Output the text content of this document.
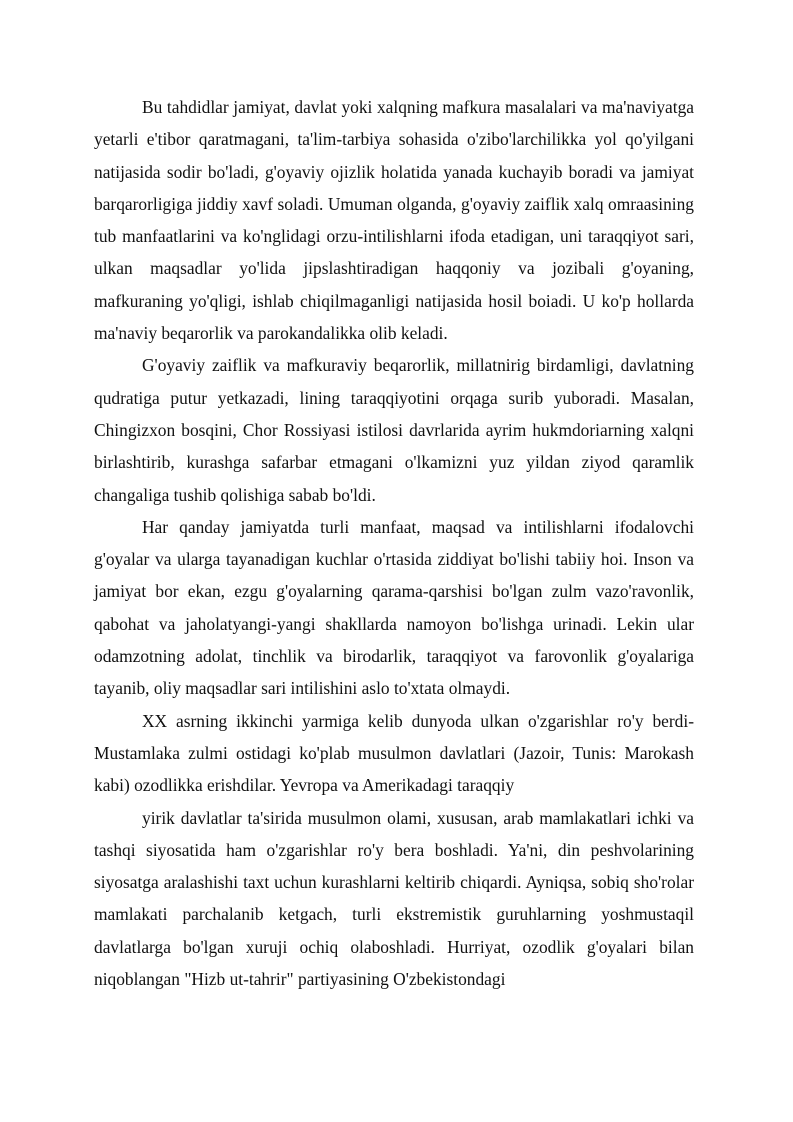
Bu tahdidlar jamiyat, davlat yoki xalqning mafkura masalalari va ma'naviyatga yetarli e'tibor qaratmagani, ta'lim-tarbiya sohasida o'zibo'larchilikka yol qo'yilgani natijasida sodir bo'ladi, g'oyaviy ojizlik holatida yanada kuchayib boradi va jamiyat barqarorligiga jiddiy xavf soladi. Umuman olganda, g'oyaviy zaiflik xalq omraasining tub manfaatlarini va ko'nglidagi orzu-intilishlarni ifoda etadigan, uni taraqqiyot sari, ulkan maqsadlar yo'lida jipslashtiradigan haqqoniy va jozibali g'oyaning, mafkuraning yo'qligi, ishlab chiqilmaganligi natijasida hosil boiadi. U ko'p hollarda ma'naviy beqarorlik va parokandalikka olib keladi.

G'oyaviy zaiflik va mafkuraviy beqarorlik, millatnirig birdamligi, davlatning qudratiga putur yetkazadi, lining taraqqiyotini orqaga surib yuboradi. Masalan, Chingizxon bosqini, Chor Rossiyasi istilosi davrlarida ayrim hukmdoriarning xalqni birlashtirib, kurashga safarbar etmagani o'lkamizni yuz yildan ziyod qaramlik changaliga tushib qolishiga sabab bo'ldi.

Har qanday jamiyatda turli manfaat, maqsad va intilishlarni ifodalovchi g'oyalar va ularga tayanadigan kuchlar o'rtasida ziddiyat bo'lishi tabiiy hoi. Inson va jamiyat bor ekan, ezgu g'oyalarning qarama-qarshisi bo'lgan zulm vazo'ravonlik, qabohat va jaholatyangi-yangi shakllarda namoyon bo'lishga urinadi. Lekin ular odamzotning adolat, tinchlik va birodarlik, taraqqiyot va farovonlik g'oyalariga tayanib, oliy maqsadlar sari intilishini aslo to'xtata olmaydi.

XX asrning ikkinchi yarmiga kelib dunyoda ulkan o'zgarishlar ro'y berdi- Mustamlaka zulmi ostidagi ko'plab musulmon davlatlari (Jazoir, Tunis: Marokash kabi) ozodlikka erishdilar. Yevropa va Amerikadagi taraqqiy

yirik davlatlar ta'sirida musulmon olami, xususan, arab mamlakatlari ichki va tashqi siyosatida ham o'zgarishlar ro'y bera boshladi. Ya'ni, din peshvolarining siyosatga aralashishi taxt uchun kurashlarni keltirib chiqardi. Ayniqsa, sobiq sho'rolar mamlakati parchalanib ketgach, turli ekstremistik guruhlarning yoshmustaqil davlatlarga bo'lgan xuruji ochiq olaboshladi. Hurriyat, ozodlik g'oyalari bilan niqoblangan "Hizb ut-tahrir" partiyasining O'zbekistondagi
